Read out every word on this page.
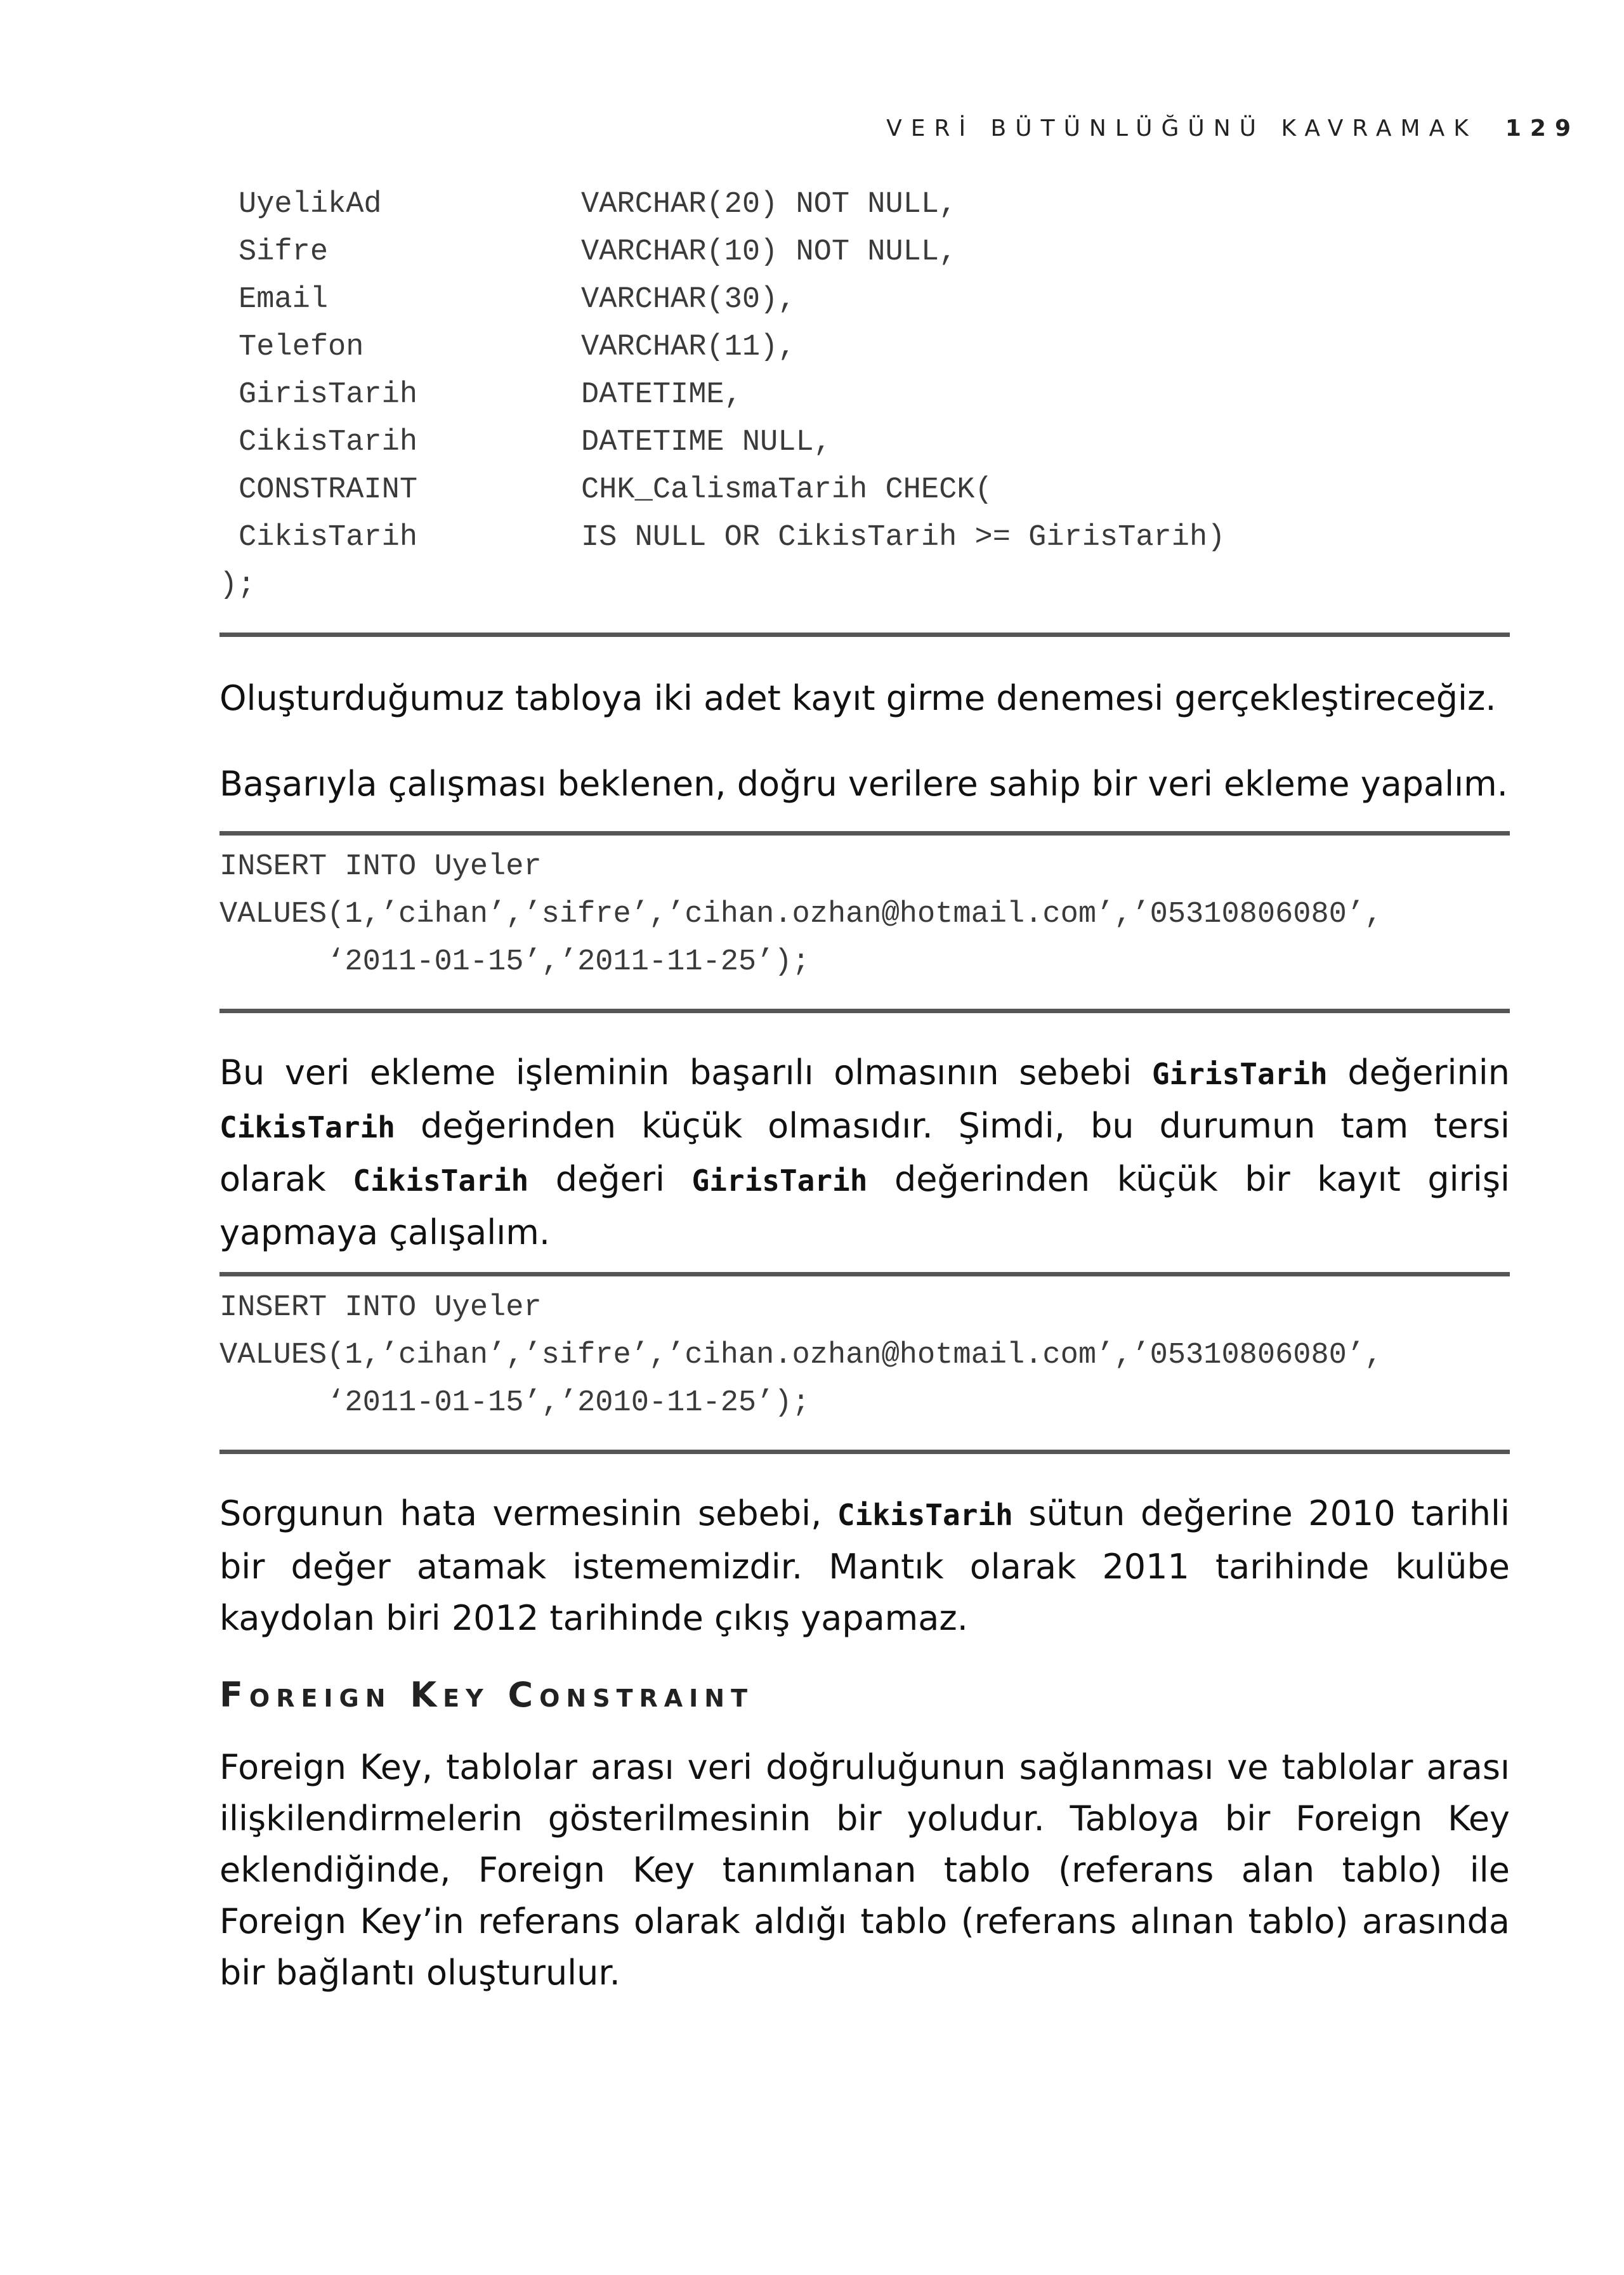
VERİ BÜTÜNLÜĞÜNÜ KAVRAMAK 129
UyelikAd	VARCHAR(20) NOT NULL,
Sifre	VARCHAR(10) NOT NULL,
Email	VARCHAR(30),
Telefon	VARCHAR(11),
GirisTarih	DATETIME,
CikisTarih	DATETIME NULL,
CONSTRAINT	CHK_CalismaTarih CHECK(
CikisTarih	IS NULL OR CikisTarih >= GirisTarih)
);

Oluşturduğumuz tabloya iki adet kayıt girme denemesi gerçekleştireceğiz.

Başarıyla çalışması beklenen, doğru verilere sahip bir veri ekleme yapalım.

INSERT INTO Uyeler
VALUES(1,’cihan’,’sifre’,’cihan.ozhan@hotmail.com’,’05310806080’,
‘2011-01-15’,’2011-11-25’);

Bu veri ekleme işleminin başarılı olmasının sebebi GirisTarih değerinin CikisTarih değerinden küçük olmasıdır. Şimdi, bu durumun tam tersi olarak CikisTarih değeri GirisTarih değerinden küçük bir kayıt girişi yapmaya çalışalım.

INSERT INTO Uyeler
VALUES(1,’cihan’,’sifre’,’cihan.ozhan@hotmail.com’,’05310806080’,
‘2011-01-15’,’2010-11-25’);

Sorgunun hata vermesinin sebebi, CikisTarih sütun değerine 2010 tarihli bir değer atamak istememizdir. Mantık olarak 2011 tarihinde kulübe kaydolan biri 2012 tarihinde çıkış yapamaz.

Foreign Key Constraint

Foreign Key, tablolar arası veri doğruluğunun sağlanması ve tablolar arası ilişkilendirmelerin gösterilmesinin bir yoludur. Tabloya bir Foreign Key eklendiğinde, Foreign Key tanımlanan tablo (referans alan tablo) ile Foreign Key’in referans olarak aldığı tablo (referans alınan tablo) arasında bir bağlantı oluşturulur.
